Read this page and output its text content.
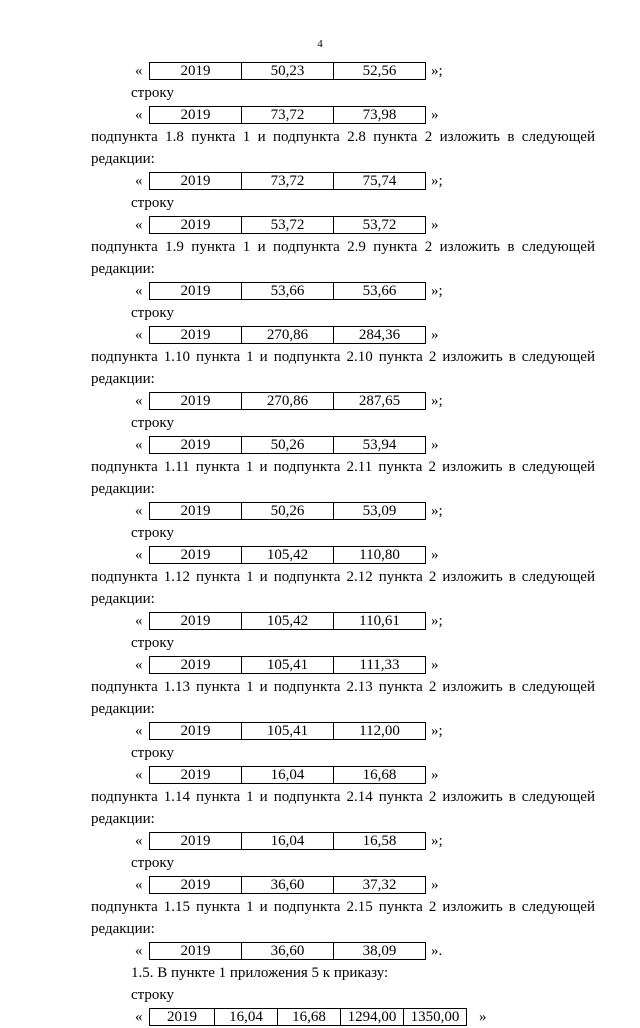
4
«	2019	50,23	52,56 »;
строку
«	2019	73,72	73,98 »
подпункта 1.8 пункта 1 и подпункта 2.8 пункта 2 изложить в следующей
редакции:
«	2019	73,72	75,74 »;
строку
«	2019	53,72	53,72 »
подпункта 1.9 пункта 1 и подпункта 2.9 пункта 2 изложить в следующей
редакции:
«	2019	53,66	53,66 »;
строку
«	2019	270,86	284,36 »
подпункта 1.10 пункта 1 и подпункта 2.10 пункта 2 изложить в следующей
редакции:
«	2019	270,86	287,65 »;
строку
«	2019	50,26	53,94 »
подпункта 1.11 пункта 1 и подпункта 2.11 пункта 2 изложить в следующей
редакции:
«	2019	50,26	53,09 »;
строку
«	2019	105,42	110,80 »
подпункта 1.12 пункта 1 и подпункта 2.12 пункта 2 изложить в следующей
редакции:
«	2019	105,42	110,61 »;
строку
«	2019	105,41	111,33 »
подпункта 1.13 пункта 1 и подпункта 2.13 пункта 2 изложить в следующей
редакции:
«	2019	105,41	112,00 »;
строку
«	2019	16,04	16,68 »
подпункта 1.14 пункта 1 и подпункта 2.14 пункта 2 изложить в следующей
редакции:
«	2019	16,04	16,58 »;
строку
«	2019	36,60	37,32 »
подпункта 1.15 пункта 1 и подпункта 2.15 пункта 2 изложить в следующей
редакции:
«	2019	36,60	38,09 ».
1.5. В пункте 1 приложения 5 к приказу:
строку
« 2019	16,04	16,68	1294,00	1350,00 »
